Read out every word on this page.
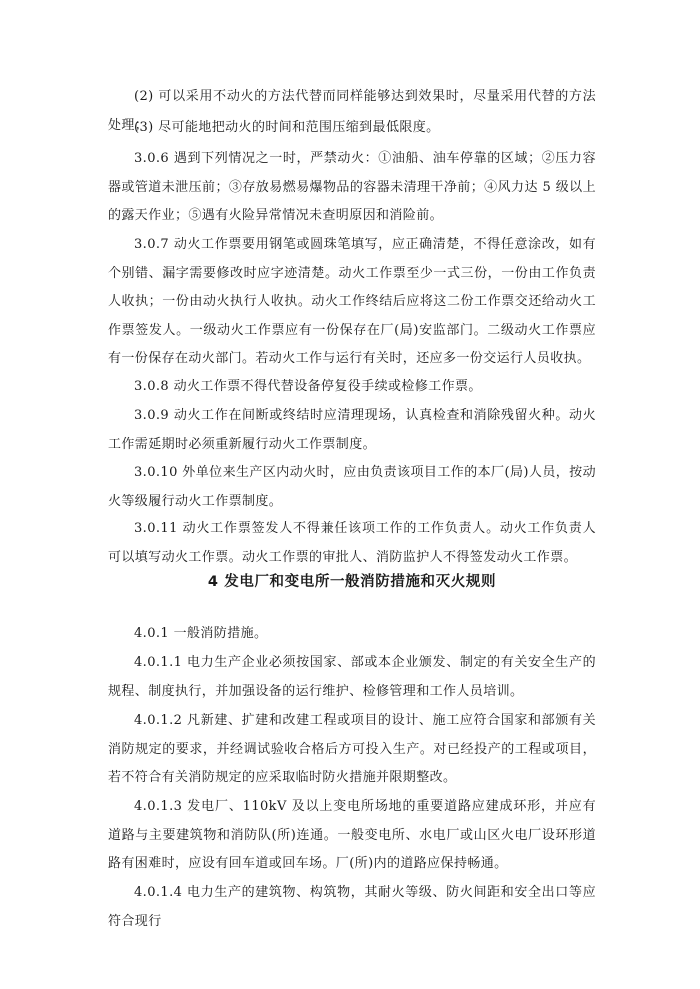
(2) 可以采用不动火的方法代替而同样能够达到效果时，尽量采用代替的方法处理；

(3) 尽可能地把动火的时间和范围压缩到最低限度。

3.0.6 遇到下列情况之一时，严禁动火：①油船、油车停靠的区域；②压力容器或管道未泄压前；③存放易燃易爆物品的容器未清理干净前；④风力达 5 级以上的露天作业；⑤遇有火险异常情况未查明原因和消险前。

3.0.7 动火工作票要用钢笔或圆珠笔填写，应正确清楚，不得任意涂改，如有个别错、漏字需要修改时应字迹清楚。动火工作票至少一式三份，一份由工作负责人收执；一份由动火执行人收执。动火工作终结后应将这二份工作票交还给动火工作票签发人。一级动火工作票应有一份保存在厂(局)安监部门。二级动火工作票应有一份保存在动火部门。若动火工作与运行有关时，还应多一份交运行人员收执。

3.0.8 动火工作票不得代替设备停复役手续或检修工作票。

3.0.9 动火工作在间断或终结时应清理现场，认真检查和消除残留火种。动火工作需延期时必须重新履行动火工作票制度。

3.0.10 外单位来生产区内动火时，应由负责该项目工作的本厂(局)人员，按动火等级履行动火工作票制度。

3.0.11 动火工作票签发人不得兼任该项工作的工作负责人。动火工作负责人可以填写动火工作票。动火工作票的审批人、消防监护人不得签发动火工作票。

4 发电厂和变电所一般消防措施和灭火规则

4.0.1 一般消防措施。

4.0.1.1 电力生产企业必须按国家、部或本企业颁发、制定的有关安全生产的规程、制度执行，并加强设备的运行维护、检修管理和工作人员培训。

4.0.1.2 凡新建、扩建和改建工程或项目的设计、施工应符合国家和部颁有关消防规定的要求，并经调试验收合格后方可投入生产。对已经投产的工程或项目，若不符合有关消防规定的应采取临时防火措施并限期整改。

4.0.1.3 发电厂、110kV 及以上变电所场地的重要道路应建成环形，并应有道路与主要建筑物和消防队(所)连通。一般变电所、水电厂或山区火电厂设环形道路有困难时，应设有回车道或回车场。厂(所)内的道路应保持畅通。

4.0.1.4 电力生产的建筑物、构筑物，其耐火等级、防火间距和安全出口等应符合现行
